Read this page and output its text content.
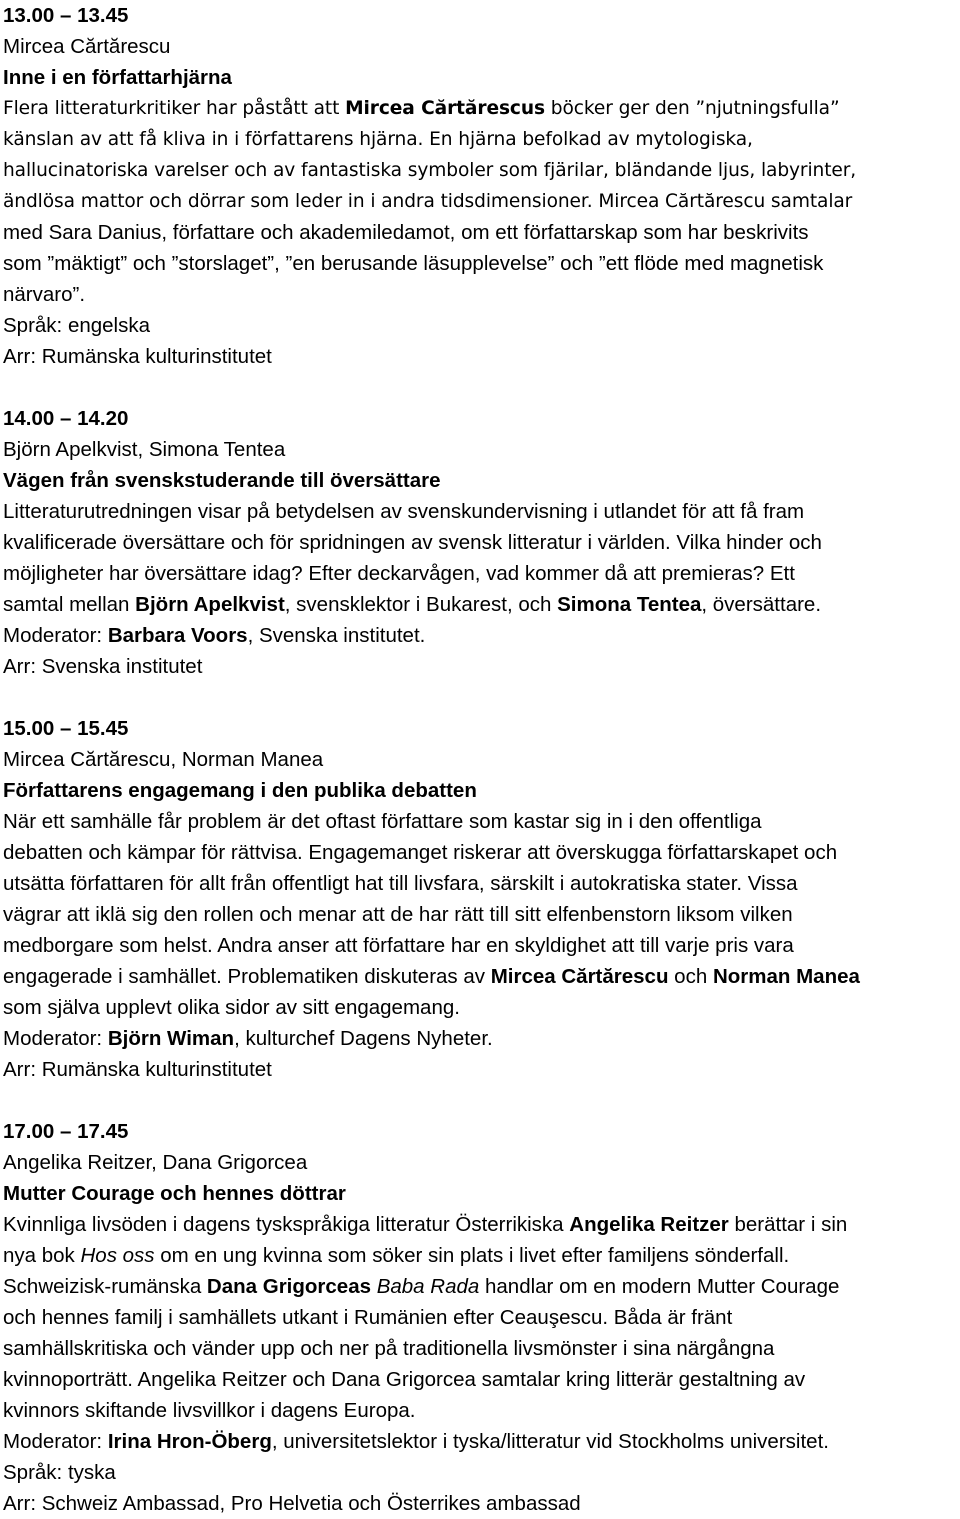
13.00 – 13.45
Mircea Cărtărescu
Inne i en författarhjärna
Flera litteraturkritiker har påstått att Mircea Cărtărescus böcker ger den ”njutningsfulla”
känslan av att få kliva in i författarens hjärna. En hjärna befolkad av mytologiska,
hallucinatoriska varelser och av fantastiska symboler som fjärilar, bländande ljus, labyrinter,
ändlösa mattor och dörrar som leder in i andra tidsdimensioner. Mircea Cărtărescu samtalar
med Sara Danius, författare och akademiledamot, om ett författarskap som har beskrivits
som ”mäktigt” och ”storslaget”, ”en berusande läsupplevelse” och ”ett flöde med magnetisk
närvaro”.
Språk: engelska
Arr: Rumänska kulturinstitutet
14.00 – 14.20
Björn Apelkvist, Simona Tentea
Vägen från svenskstuderande till översättare
Litteraturutredningen visar på betydelsen av svenskundervisning i utlandet för att få fram
kvalificerade översättare och för spridningen av svensk litteratur i världen. Vilka hinder och
möjligheter har översättare idag? Efter deckarvågen, vad kommer då att premieras? Ett
samtal mellan Björn Apelkvist, svensklektor i Bukarest, och Simona Tentea, översättare.
Moderator: Barbara Voors, Svenska institutet.
Arr: Svenska institutet
15.00 – 15.45
Mircea Cărtărescu, Norman Manea
Författarens engagemang i den publika debatten
När ett samhälle får problem är det oftast författare som kastar sig in i den offentliga
debatten och kämpar för rättvisa. Engagemanget riskerar att överskugga författarskapet och
utsätta författaren för allt från offentligt hat till livsfara, särskilt i autokratiska stater. Vissa
vägrar att iklä sig den rollen och menar att de har rätt till sitt elfenbenstorn liksom vilken
medborgare som helst. Andra anser att författare har en skyldighet att till varje pris vara
engagerade i samhället. Problematiken diskuteras av Mircea Cărtărescu och Norman Manea
som själva upplevt olika sidor av sitt engagemang.
Moderator: Björn Wiman, kulturchef Dagens Nyheter.
Arr: Rumänska kulturinstitutet
17.00 – 17.45
Angelika Reitzer, Dana Grigorcea
Mutter Courage och hennes döttrar
Kvinnliga livsöden i dagens tyskspråkiga litteratur Österrikiska Angelika Reitzer berättar i sin
nya bok Hos oss om en ung kvinna som söker sin plats i livet efter familjens sönderfall.
Schweizisk-rumänska Dana Grigorceas Baba Rada handlar om en modern Mutter Courage
och hennes familj i samhällets utkant i Rumänien efter Ceauşescu. Båda är fränt
samhällskritiska och vänder upp och ner på traditionella livsmönster i sina närgångna
kvinnoporträtt. Angelika Reitzer och Dana Grigorcea samtalar kring litterär gestaltning av
kvinnors skiftande livsvillkor i dagens Europa.
Moderator: Irina Hron-Öberg, universitetslektor i tyska/litteratur vid Stockholms universitet.
Språk: tyska
Arr: Schweiz Ambassad, Pro Helvetia och Österrikes ambassad
